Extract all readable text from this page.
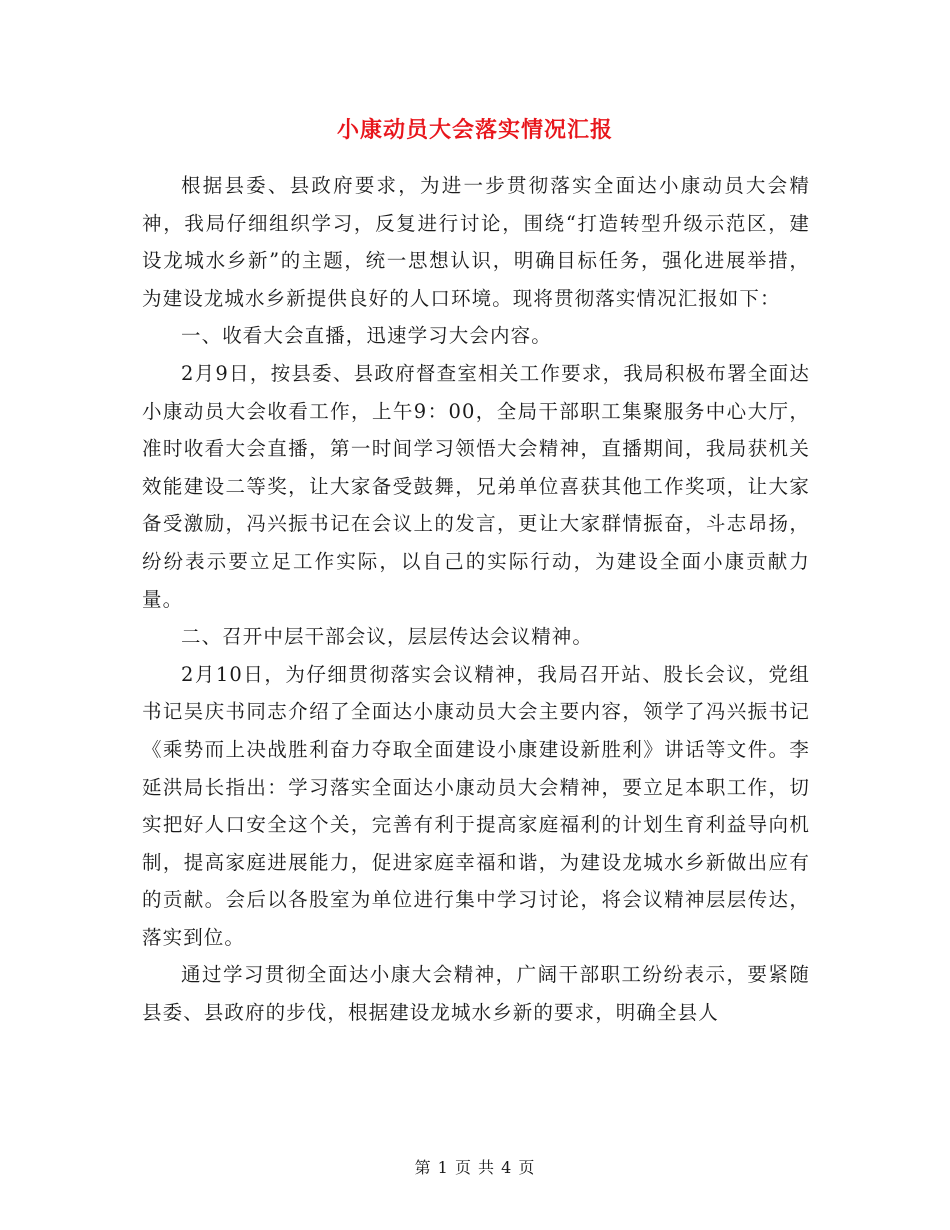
小康动员大会落实情况汇报

根据县委、县政府要求，为进一步贯彻落实全面达小康动员大会精神，我局仔细组织学习，反复进行讨论，围绕“打造转型升级示范区，建设龙城水乡新”的主题，统一思想认识，明确目标任务，强化进展举措，为建设龙城水乡新提供良好的人口环境。现将贯彻落实情况汇报如下：

一、收看大会直播，迅速学习大会内容。

2月9日，按县委、县政府督查室相关工作要求，我局积极布署全面达小康动员大会收看工作，上午9：00，全局干部职工集聚服务中心大厅，准时收看大会直播，第一时间学习领悟大会精神，直播期间，我局获机关效能建设二等奖，让大家备受鼓舞，兄弟单位喜获其他工作奖项，让大家备受激励，冯兴振书记在会议上的发言，更让大家群情振奋，斗志昂扬，纷纷表示要立足工作实际，以自己的实际行动，为建设全面小康贡献力量。

二、召开中层干部会议，层层传达会议精神。

2月10日，为仔细贯彻落实会议精神，我局召开站、股长会议，党组书记吴庆书同志介绍了全面达小康动员大会主要内容，领学了冯兴振书记《乘势而上决战胜利奋力夺取全面建设小康建设新胜利》讲话等文件。李延洪局长指出：学习落实全面达小康动员大会精神，要立足本职工作，切实把好人口安全这个关，完善有利于提高家庭福利的计划生育利益导向机制，提高家庭进展能力，促进家庭幸福和谐，为建设龙城水乡新做出应有的贡献。会后以各股室为单位进行集中学习讨论，将会议精神层层传达，落实到位。

通过学习贯彻全面达小康大会精神，广阔干部职工纷纷表示，要紧随县委、县政府的步伐，根据建设龙城水乡新的要求，明确全县人

第 1 页 共 4 页
